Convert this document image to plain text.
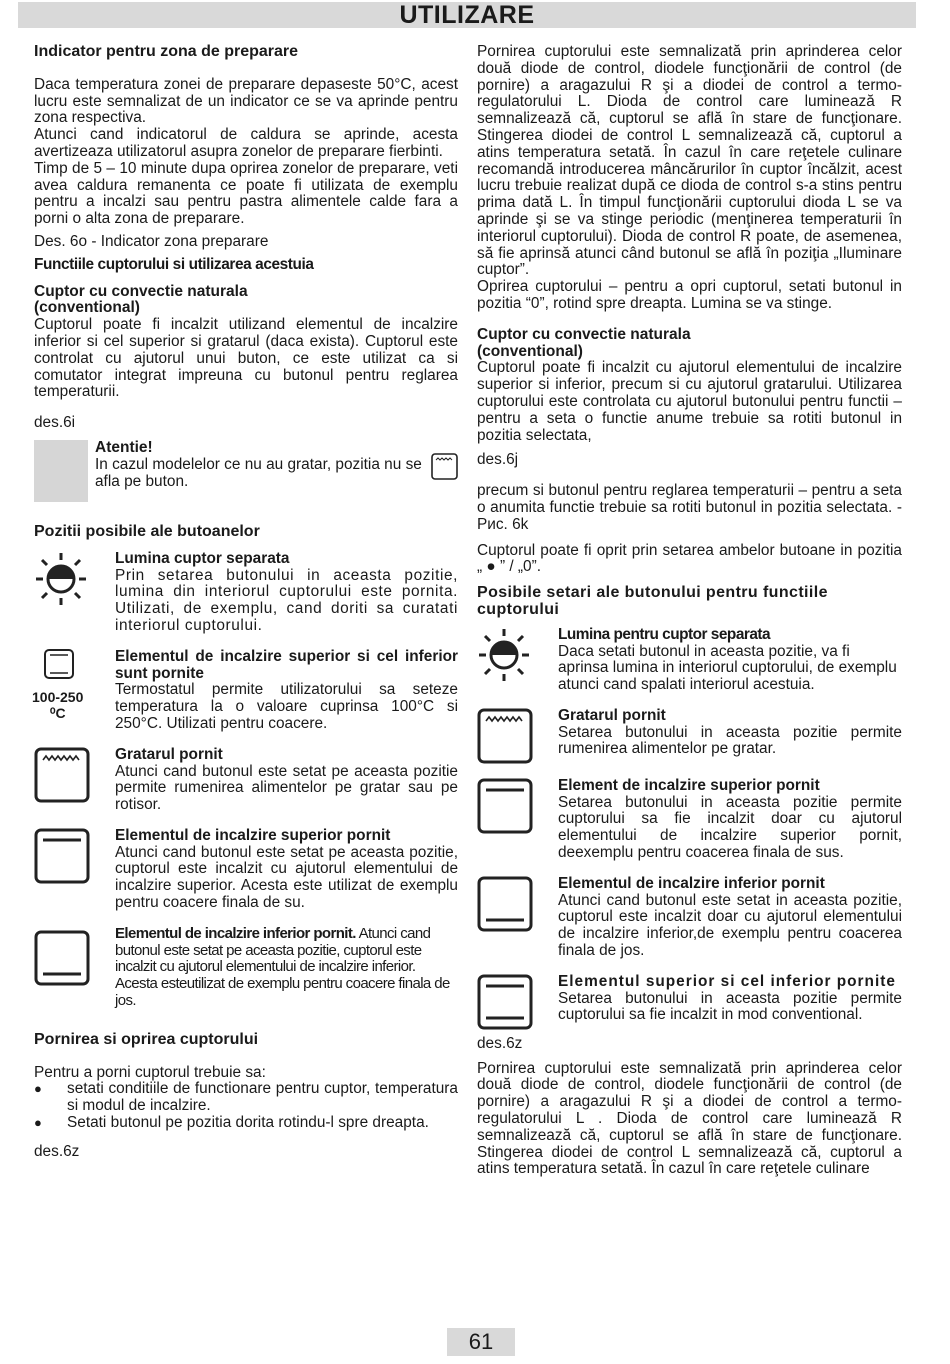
UTILIZARE

Indicator pentru zona de preparare

Daca temperatura zonei de preparare depaseste 50°C, acest lucru este semnalizat de un indicator ce se va aprinde pentru zona respectiva.

Atunci cand indicatorul de caldura se aprinde, acesta avertizeaza utilizatorul asupra zonelor de preparare fierbinti.

Timp de 5 – 10 minute dupa oprirea zonelor de preparare, veti avea caldura remanenta ce poate fi utilizata de exemplu pentru a incalzi sau pentru pastra alimentele calde fara a porni o alta zona de preparare.

Des. 6o - Indicator zona preparare

Functiile cuptorului si utilizarea acestuia

Cuptor cu convectie naturala

(conventional)

Cuptorul poate fi incalzit utilizand elementul de incalzire inferior si cel superior si gratarul (daca exista). Cuptorul este controlat cu ajutorul unui buton, ce este utilizat ca si comutator integrat impreuna cu butonul pentru reglarea temperaturii.

des.6i

Atentie!

In cazul modelelor ce nu au gratar, pozitia nu se afla pe buton.

Pozitii posibile ale butoanelor

Lumina cuptor separata

Prin setarea butonului in aceasta pozitie, lumina din interiorul cuptorului este pornita. Utilizati, de exemplu, cand doriti sa curatati interiorul cuptorului.
100-250
⁰C

Elementul de incalzire superior si cel inferior sunt pornite

Termostatul permite utilizatorului sa seteze temperatura la o valoare cuprinsa 100°C si 250°C. Utilizati pentru coacere.

Gratarul pornit

Atunci cand butonul este setat pe aceasta pozitie permite rumenirea alimentelor pe gratar sau pe rotisor.

Elementul de incalzire superior pornit

Atunci cand butonul este setat pe aceasta pozitie, cuptorul este incalzit cu ajutorul elementului de incalzire superior. Acesta este utilizat de exemplu pentru coacere finala de su.
Elementul de incalzire inferior pornit. Atunci cand butonul este setat pe aceasta pozitie, cuptorul este incalzit cu ajutorul elementului de incalzire inferior. Acesta esteutilizat de exemplu pentru coacere finala de jos.

Pornirea si oprirea cuptorului

Pentru a porni cuptorul trebuie sa:

● setati conditiile de functionare pentru cuptor, temperatura si modul de incalzire.
● Setati butonul pe pozitia dorita rotindu-l spre dreapta.

des.6z

Pornirea cuptorului este semnalizată prin aprinderea celor două diode de control, diodele funcţionării de control (de pornire) a aragazului R şi a diodei de control a termo-regulatorului L. Dioda de control care luminează R semnalizează că, cuptorul se află în stare de funcţionare. Stingerea diodei de control L semnalizează că, cuptorul a atins temperatura setată. În cazul în care reţetele culinare recomandă introducerea mâncărurilor în cuptor încălzit, acest lucru trebuie realizat după ce dioda de control s-a stins pentru prima dată L. În timpul funcţionării cuptorului dioda L se va aprinde şi se va stinge periodic (menţinerea temperaturii în interiorul cuptorului). Dioda de control R poate, de asemenea, să fie aprinsă atunci când butonul se află în poziţia „Iluminare cuptor”.

Oprirea cuptorului – pentru a opri cuptorul, setati butonul in pozitia “0”, rotind spre dreapta. Lumina se va stinge.

Cuptor cu convectie naturala

(conventional)

Cuptorul poate fi incalzit cu ajutorul elementului de incalzire superior si inferior, precum si cu ajutorul gratarului. Utilizarea cuptorului este controlata cu ajutorul butonului pentru functii – pentru a seta o functie anume trebuie sa rotiti butonul in pozitia selectata,

des.6j

precum si butonul pentru reglarea temperaturii – pentru a seta o anumita functie trebuie sa rotiti butonul in pozitia selectata. - Рис. 6k

Cuptorul poate fi oprit prin setarea ambelor butoane in pozitia „ ● ” / „0”.

Posibile setari ale butonului pentru functiile cuptorului

Lumina pentru cuptor separata

Daca setati butonul in aceasta pozitie, va fi aprinsa lumina in interiorul cuptorului, de exemplu atunci cand spalati interiorul acestuia.

Gratarul pornit

Setarea butonului in aceasta pozitie permite rumenirea alimentelor pe gratar.

Element de incalzire superior pornit

Setarea butonului in aceasta pozitie permite cuptorului sa fie incalzit doar cu ajutorul elementului de incalzire superior pornit, deexemplu pentru coacerea finala de sus.

Elementul de incalzire inferior pornit

Atunci cand butonul este setat in aceasta pozitie, cuptorul este incalzit doar cu ajutorul elementului de incalzire inferior,de exemplu pentru coacerea finala de jos.

Elementul superior si cel inferior pornite

Setarea butonului in aceasta pozitie permite cuptorului sa fie incalzit in mod conventional.

des.6z

Pornirea cuptorului este semnalizată prin aprinderea celor două diode de control, diodele funcţionării de control (de pornire) a aragazului R şi a diodei de control a termo-regulatorului L . Dioda de control care luminează R semnalizează că, cuptorul se află în stare de funcţionare. Stingerea diodei de control L semnalizează că, cuptorul a atins temperatura setată. În cazul în care reţetele culinare

61
